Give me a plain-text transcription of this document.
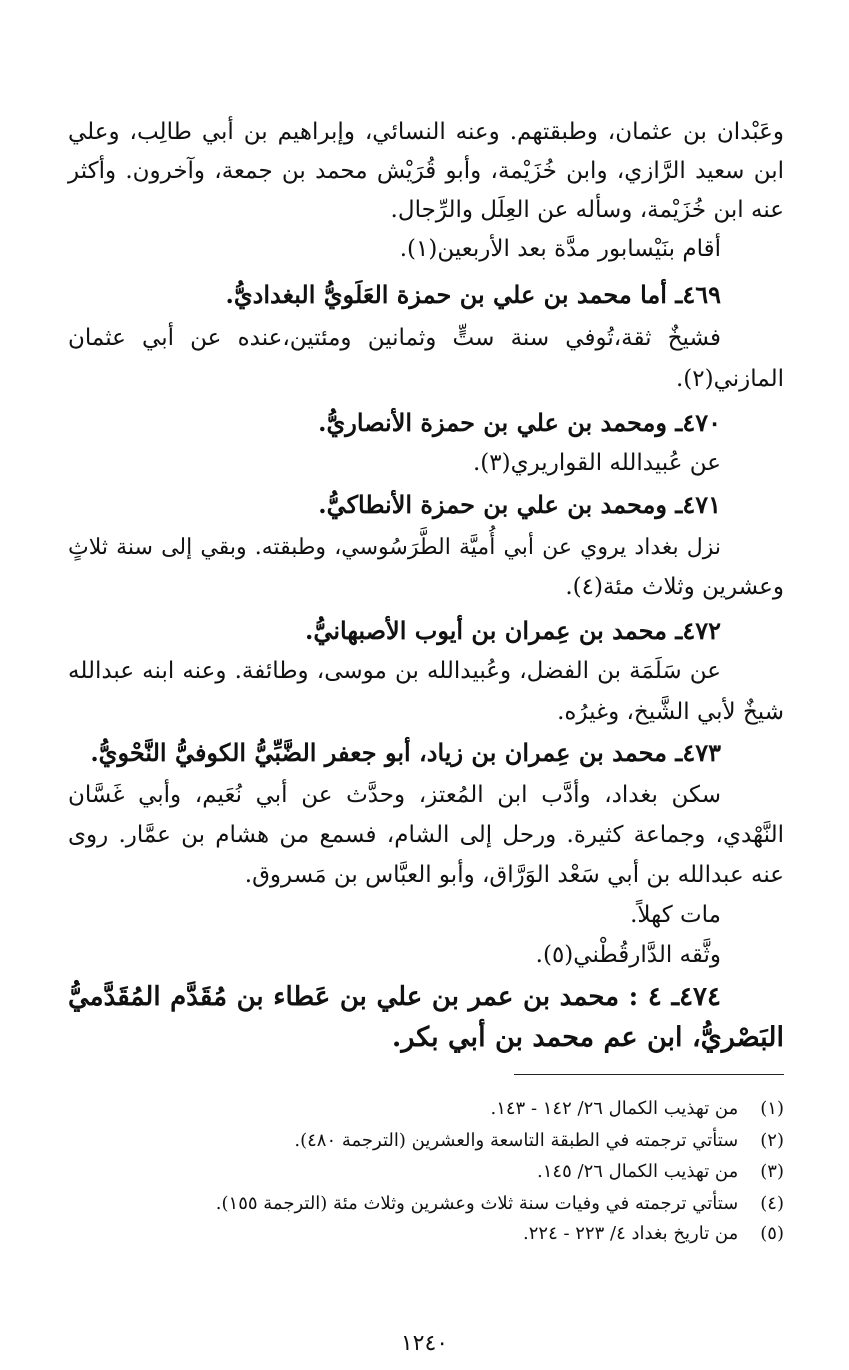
وعَبْدان بن عثمان، وطبقتهم. وعنه النسائي، وإبراهيم بن أبي طالِب، وعلي
ابن سعيد الرَّازي، وابن خُزَيْمة، وأبو قُرَيْش محمد بن جمعة، وآخرون. وأكثر
عنه ابن خُزَيْمة، وسأله عن العِلَل والرِّجال.
أقام بنَيْسابور مدَّة بعد الأربعين(١).
٤٦٩ـ أما محمد بن علي بن حمزة العَلَويُّ البغداديُّ.
فشيخٌ ثقة،تُوفي سنة ستٍّ وثمانين ومئتين،عنده عن أبي عثمان
المازني(٢).
٤٧٠ـ ومحمد بن علي بن حمزة الأنصاريُّ.
عن عُبيدالله القواريري(٣).
٤٧١ـ ومحمد بن علي بن حمزة الأنطاكيُّ.
نزل بغداد يروي عن أبي أُميَّة الطَّرَسُوسي، وطبقته. وبقي إلى سنة ثلاثٍ
وعشرين وثلاث مئة(٤).
٤٧٢ـ محمد بن عِمران بن أيوب الأصبهانيُّ.
عن سَلَمَة بن الفضل، وعُبيدالله بن موسى، وطائفة. وعنه ابنه عبدالله
شيخٌ لأبي الشَّيخ، وغيرُه.
٤٧٣ـ محمد بن عِمران بن زياد، أبو جعفر الضَّبِّيُّ الكوفيُّ النَّحْويُّ.
سكن بغداد، وأدَّب ابن المُعتز، وحدَّث عن أبي نُعَيم، وأبي غَسَّان
النَّهْدي، وجماعة كثيرة. ورحل إلى الشام، فسمع من هشام بن عمَّار. روى
عنه عبدالله بن أبي سَعْد الوَرَّاق، وأبو العبَّاس بن مَسروق.
مات كهلاً.
وثَّقه الدَّارقُطْني(٥).
٤٧٤ـ ٤ : محمد بن عمر بن علي بن عَطاء بن مُقَدَّم المُقَدَّميُّ
البَصْريُّ، ابن عم محمد بن أبي بكر.
(١) من تهذيب الكمال ٢٦/ ١٤٢ - ١٤٣.
(٢) ستأتي ترجمته في الطبقة التاسعة والعشرين (الترجمة ٤٨٠).
(٣) من تهذيب الكمال ٢٦/ ١٤٥.
(٤) ستأتي ترجمته في وفيات سنة ثلاث وعشرين وثلاث مئة (الترجمة ١٥٥).
(٥) من تاريخ بغداد ٤/ ٢٢٣ - ٢٢٤.
١٢٤٠
